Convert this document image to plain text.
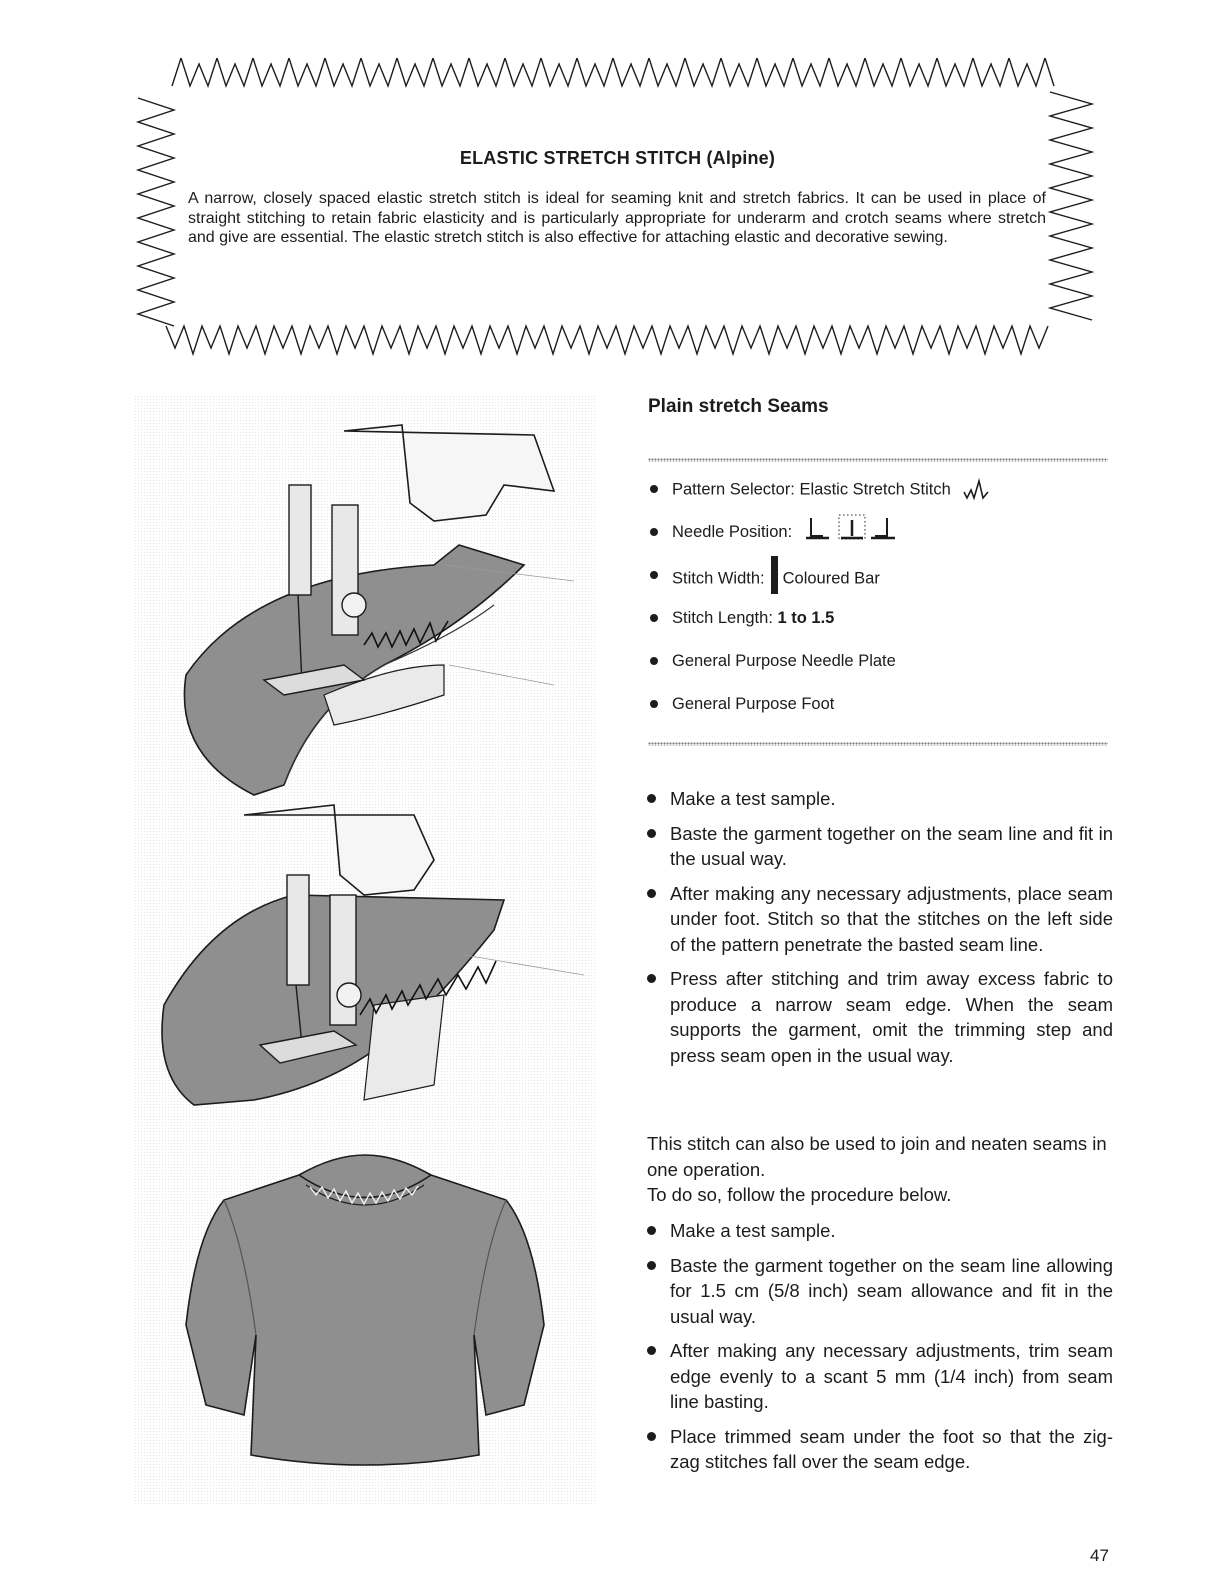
ELASTIC STRETCH STITCH (Alpine)
A narrow, closely spaced elastic stretch stitch is ideal for seaming knit and stretch fabrics. It can be used in place of straight stitching to retain fabric elasticity and is particularly appropriate for underarm and crotch seams where stretch and give are essential. The elastic stretch stitch is also effective for attaching elastic and decorative sewing.
Plain stretch Seams
Pattern Selector: Elastic Stretch Stitch
Needle Position:
Stitch Width: Coloured Bar
Stitch Length: 1 to 1.5
General Purpose Needle Plate
General Purpose Foot
Make a test sample.
Baste the garment together on the seam line and fit in the usual way.
After making any necessary adjustments, place seam under foot. Stitch so that the stitches on the left side of the pattern penetrate the basted seam line.
Press after stitching and trim away excess fabric to produce a narrow seam edge. When the seam supports the garment, omit the trimming step and press seam open in the usual way.
This stitch can also be used to join and neaten seams in one operation.
To do so, follow the procedure below.
Make a test sample.
Baste the garment together on the seam line allowing for 1.5 cm (5/8 inch) seam allowance and fit in the usual way.
After making any necessary adjustments, trim seam edge evenly to a scant 5 mm (1/4 inch) from seam line basting.
Place trimmed seam under the foot so that the zig-zag stitches fall over the seam edge.
47
